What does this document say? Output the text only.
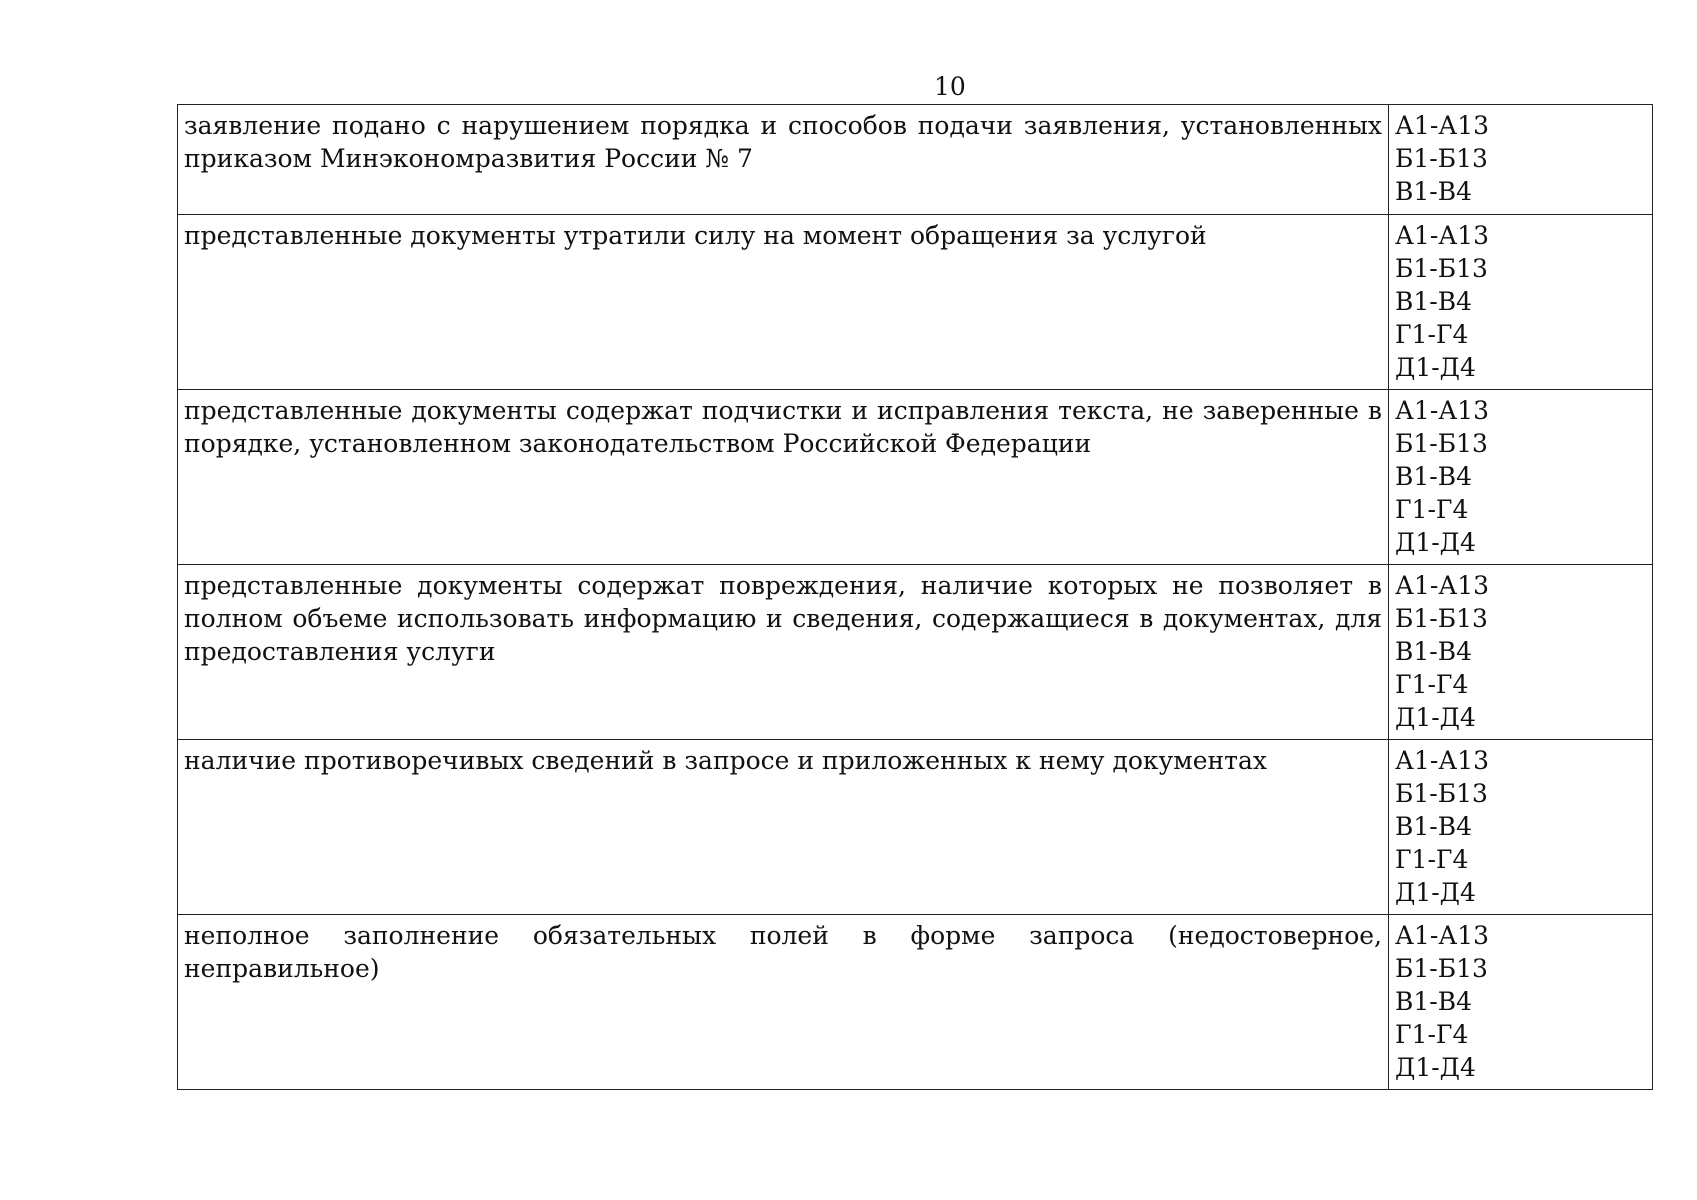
10
заявление подано с нарушением порядка и способов подачи заявления, установленных приказом Минэкономразвития России № 7	А1-А13
Б1-Б13
В1-В4

представленные документы утратили силу на момент обращения за услугой	А1-А13
Б1-Б13
В1-В4
Г1-Г4
Д1-Д4

представленные документы содержат подчистки и исправления текста, не заверенные в порядке, установленном законодательством Российской Федерации	А1-А13
Б1-Б13
В1-В4
Г1-Г4
Д1-Д4

представленные документы содержат повреждения, наличие которых не позволяет в полном объеме использовать информацию и сведения, содержащиеся в документах, для предоставления услуги	А1-А13
Б1-Б13
В1-В4
Г1-Г4
Д1-Д4

наличие противоречивых сведений в запросе и приложенных к нему документах	А1-А13
Б1-Б13
В1-В4
Г1-Г4
Д1-Д4

неполное заполнение обязательных полей в форме запроса (недостоверное, неправильное)	А1-А13
Б1-Б13
В1-В4
Г1-Г4
Д1-Д4
